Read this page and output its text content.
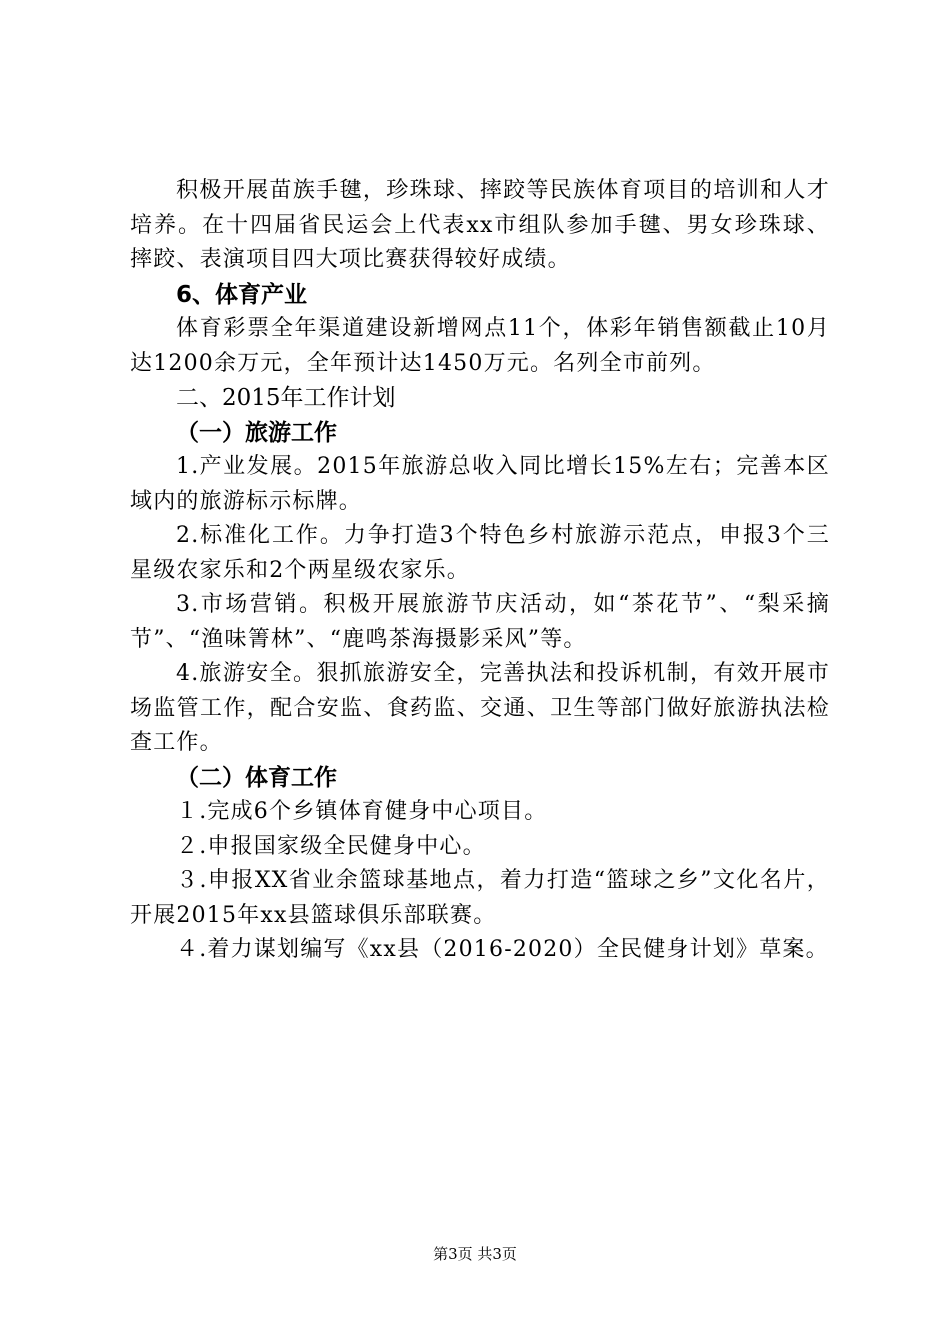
积极开展苗族手毽，珍珠球、摔跤等民族体育项目的培训和人才培养。在十四届省民运会上代表xx市组队参加手毽、男女珍珠球、摔跤、表演项目四大项比赛获得较好成绩。

6、体育产业

体育彩票全年渠道建设新增网点11个，体彩年销售额截止10月达1200余万元，全年预计达1450万元。名列全市前列。

二、2015年工作计划
（一）旅游工作

1.产业发展。2015年旅游总收入同比增长15%左右；完善本区域内的旅游标示标牌。

2.标准化工作。力争打造3个特色乡村旅游示范点，申报3个三星级农家乐和2个两星级农家乐。

3.市场营销。积极开展旅游节庆活动，如“茶花节”、“梨采摘节”、“渔味箐林”、“鹿鸣茶海摄影采风”等。

4.旅游安全。狠抓旅游安全，完善执法和投诉机制，有效开展市场监管工作，配合安监、食药监、交通、卫生等部门做好旅游执法检查工作。

（二）体育工作

１.完成6个乡镇体育健身中心项目。

２.申报国家级全民健身中心。

３.申报XX省业余篮球基地点，着力打造“篮球之乡”文化名片，开展2015年xx县篮球俱乐部联赛。

４.着力谋划编写《xx县（2016-2020）全民健身计划》草案。

第3页 共3页
